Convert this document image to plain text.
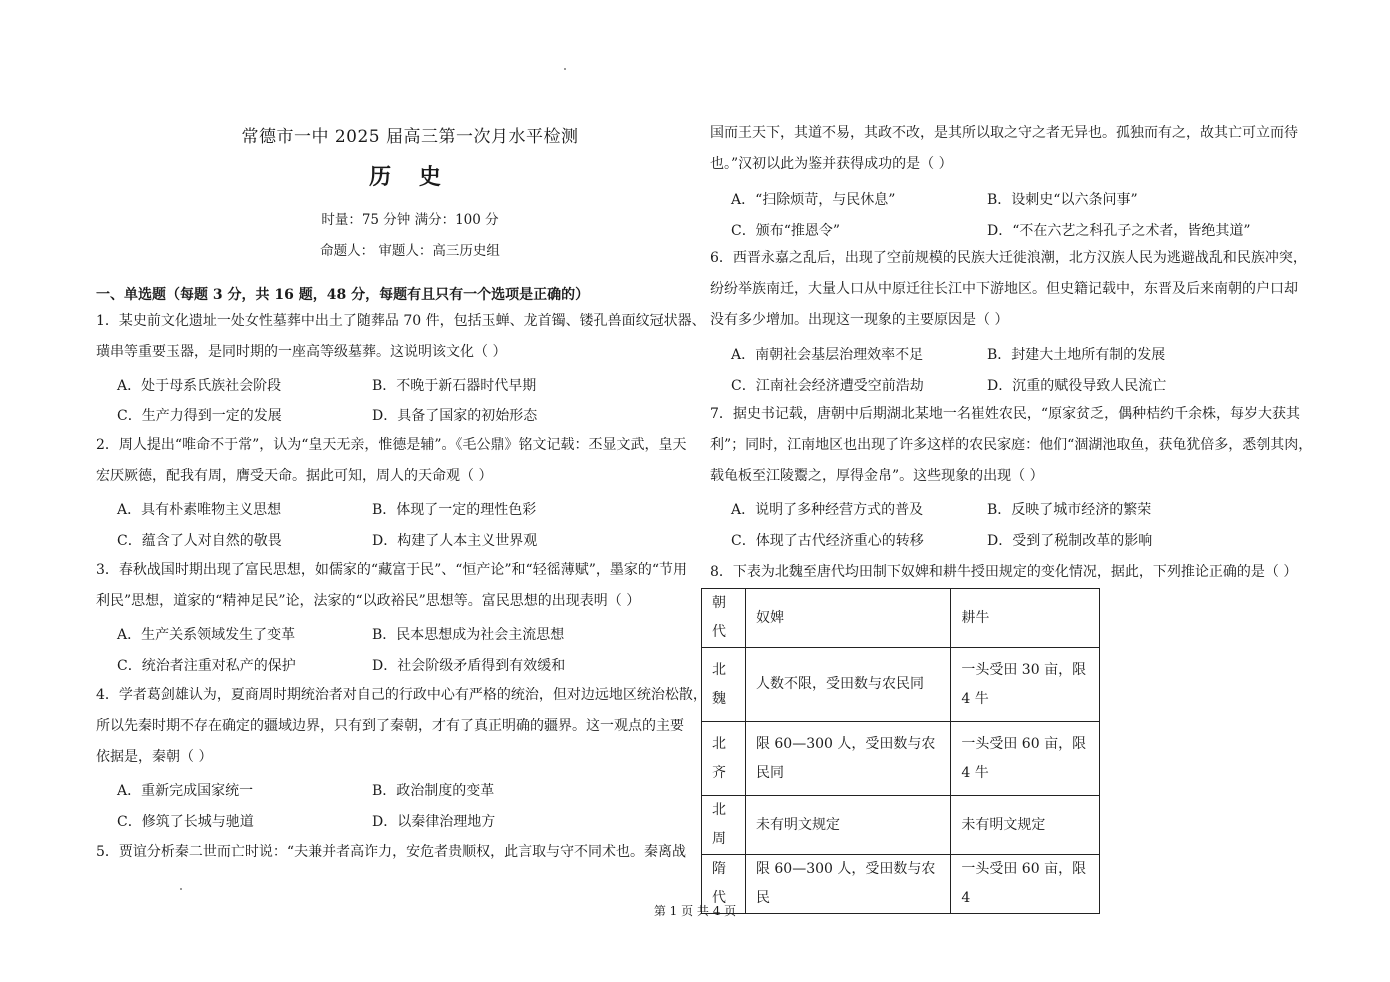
常德市一中 2025 届高三第一次月水平检测
历 史
时量：75 分钟 满分：100 分
命题人： 审题人：高三历史组
一、单选题（每题 3 分，共 16 题，48 分，每题有且只有一个选项是正确的）
1．某史前文化遗址一处女性墓葬中出土了随葬品 70 件，包括玉蝉、龙首镯、镂孔兽面纹冠状器、
璜串等重要玉器，是同时期的一座高等级墓葬。这说明该文化（ ）
A．处于母系氏族社会阶段	B．不晚于新石器时代早期
C．生产力得到一定的发展	D．具备了国家的初始形态
2．周人提出“唯命不于常”，认为“皇天无亲，惟德是辅”。《毛公鼎》铭文记载：丕显文武，皇天
宏厌厥德，配我有周，膺受天命。据此可知，周人的天命观（ ）
A．具有朴素唯物主义思想	B．体现了一定的理性色彩
C．蕴含了人对自然的敬畏	D．构建了人本主义世界观
3．春秋战国时期出现了富民思想，如儒家的“藏富于民”、“恒产论”和“轻徭薄赋”，墨家的“节用
利民”思想，道家的“精神足民”论，法家的“以政裕民”思想等。富民思想的出现表明（ ）
A．生产关系领域发生了变革	B．民本思想成为社会主流思想
C．统治者注重对私产的保护	D．社会阶级矛盾得到有效缓和
4．学者葛剑雄认为，夏商周时期统治者对自己的行政中心有严格的统治，但对边远地区统治松散，
所以先秦时期不存在确定的疆域边界，只有到了秦朝，才有了真正明确的疆界。这一观点的主要
依据是，秦朝（ ）
A．重新完成国家统一	B．政治制度的变革
C．修筑了长城与驰道	D．以秦律治理地方
5．贾谊分析秦二世而亡时说：“夫兼并者高诈力，安危者贵顺权，此言取与守不同术也。秦离战
国而王天下，其道不易，其政不改，是其所以取之守之者无异也。孤独而有之，故其亡可立而待
也。”汉初以此为鉴并获得成功的是（ ）
A．“扫除烦苛，与民休息”	B．设刺史“以六条问事”
C．颁布“推恩令”	D．“不在六艺之科孔子之术者，皆绝其道”
6．西晋永嘉之乱后，出现了空前规模的民族大迁徙浪潮，北方汉族人民为逃避战乱和民族冲突，
纷纷举族南迁，大量人口从中原迁往长江中下游地区。但史籍记载中，东晋及后来南朝的户口却
没有多少增加。出现这一现象的主要原因是（ ）
A．南朝社会基层治理效率不足	B．封建大土地所有制的发展
C．江南社会经济遭受空前浩劫	D．沉重的赋役导致人民流亡
7．据史书记载，唐朝中后期湖北某地一名崔姓农民，“原家贫乏，偶种桔约千余株，每岁大获其
利”；同时，江南地区也出现了许多这样的农民家庭：他们“涸湖池取鱼，获龟犹倍多，悉刳其肉，
载龟板至江陵鬻之，厚得金帛”。这些现象的出现（ ）
A．说明了多种经营方式的普及	B．反映了城市经济的繁荣
C．体现了古代经济重心的转移	D．受到了税制改革的影响
8．下表为北魏至唐代均田制下奴婢和耕牛授田规定的变化情况，据此，下列推论正确的是（ ）
朝代	奴婢	耕牛
北魏	人数不限，受田数与农民同	一头受田 30 亩，限 4 牛
北齐	限 60—300 人，受田数与农民同	一头受田 60 亩，限 4 牛
北周	未有明文规定	未有明文规定
隋代	限 60—300 人，受田数与农民	一头受田 60 亩，限 4
第 1 页 共 4 页
